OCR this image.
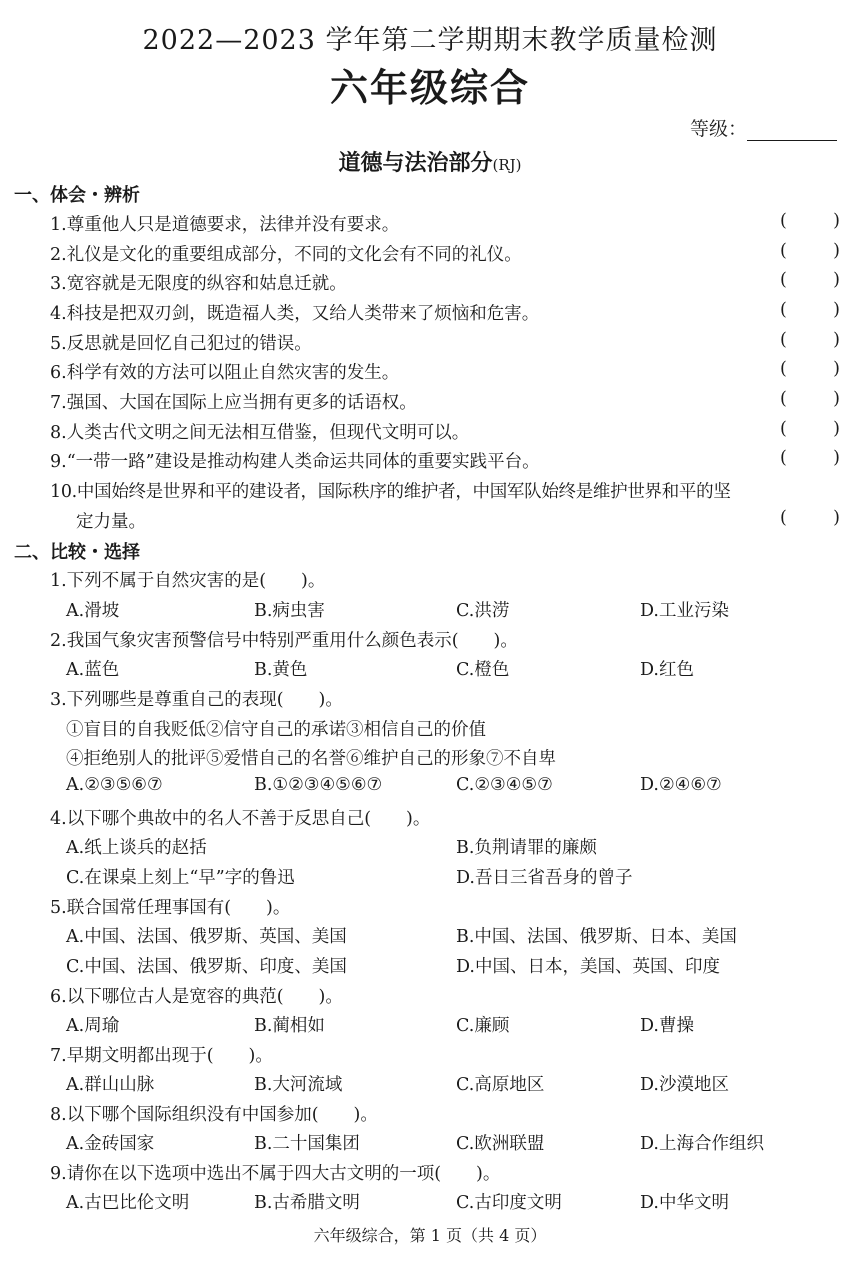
2022—2023 学年第二学期期末教学质量检测
六年级综合
等级：
道德与法治部分(RJ)
一、体会・辨析
1.尊重他人只是道德要求，法律并没有要求。	(	)
2.礼仪是文化的重要组成部分，不同的文化会有不同的礼仪。	(	)
3.宽容就是无限度的纵容和姑息迁就。	(	)
4.科技是把双刃剑，既造福人类，又给人类带来了烦恼和危害。	(	)
5.反思就是回忆自己犯过的错误。	(	)
6.科学有效的方法可以阻止自然灾害的发生。	(	)
7.强国、大国在国际上应当拥有更多的话语权。	(	)
8.人类古代文明之间无法相互借鉴，但现代文明可以。	(	)
9.“一带一路”建设是推动构建人类命运共同体的重要实践平台。	(	)
10.中国始终是世界和平的建设者，国际秩序的维护者，中国军队始终是维护世界和平的坚
定力量。	(	)
二、比较・选择
1.下列不属于自然灾害的是(　　)。
A.滑坡	B.病虫害	C.洪涝	D.工业污染
2.我国气象灾害预警信号中特别严重用什么颜色表示(　　)。
A.蓝色	B.黄色	C.橙色	D.红色
3.下列哪些是尊重自己的表现(　　)。
①盲目的自我贬低②信守自己的承诺③相信自己的价值
④拒绝别人的批评⑤爱惜自己的名誉⑥维护自己的形象⑦不自卑
A.②③⑤⑥⑦	B.①②③④⑤⑥⑦	C.②③④⑤⑦	D.②④⑥⑦
4.以下哪个典故中的名人不善于反思自己(　　)。
A.纸上谈兵的赵括	B.负荆请罪的廉颇
C.在课桌上刻上“早”字的鲁迅	D.吾日三省吾身的曾子
5.联合国常任理事国有(　　)。
A.中国、法国、俄罗斯、英国、美国	B.中国、法国、俄罗斯、日本、美国
C.中国、法国、俄罗斯、印度、美国	D.中国、日本，美国、英国、印度
6.以下哪位古人是宽容的典范(　　)。
A.周瑜	B.蔺相如	C.廉顾	D.曹操
7.早期文明都出现于(　　)。
A.群山山脉	B.大河流域	C.高原地区	D.沙漠地区
8.以下哪个国际组织没有中国参加(　　)。
A.金砖国家	B.二十国集团	C.欧洲联盟	D.上海合作组织
9.请你在以下选项中选出不属于四大古文明的一项(　　)。
A.古巴比伦文明	B.古希腊文明	C.古印度文明	D.中华文明
六年级综合，第 1 页（共 4 页）
